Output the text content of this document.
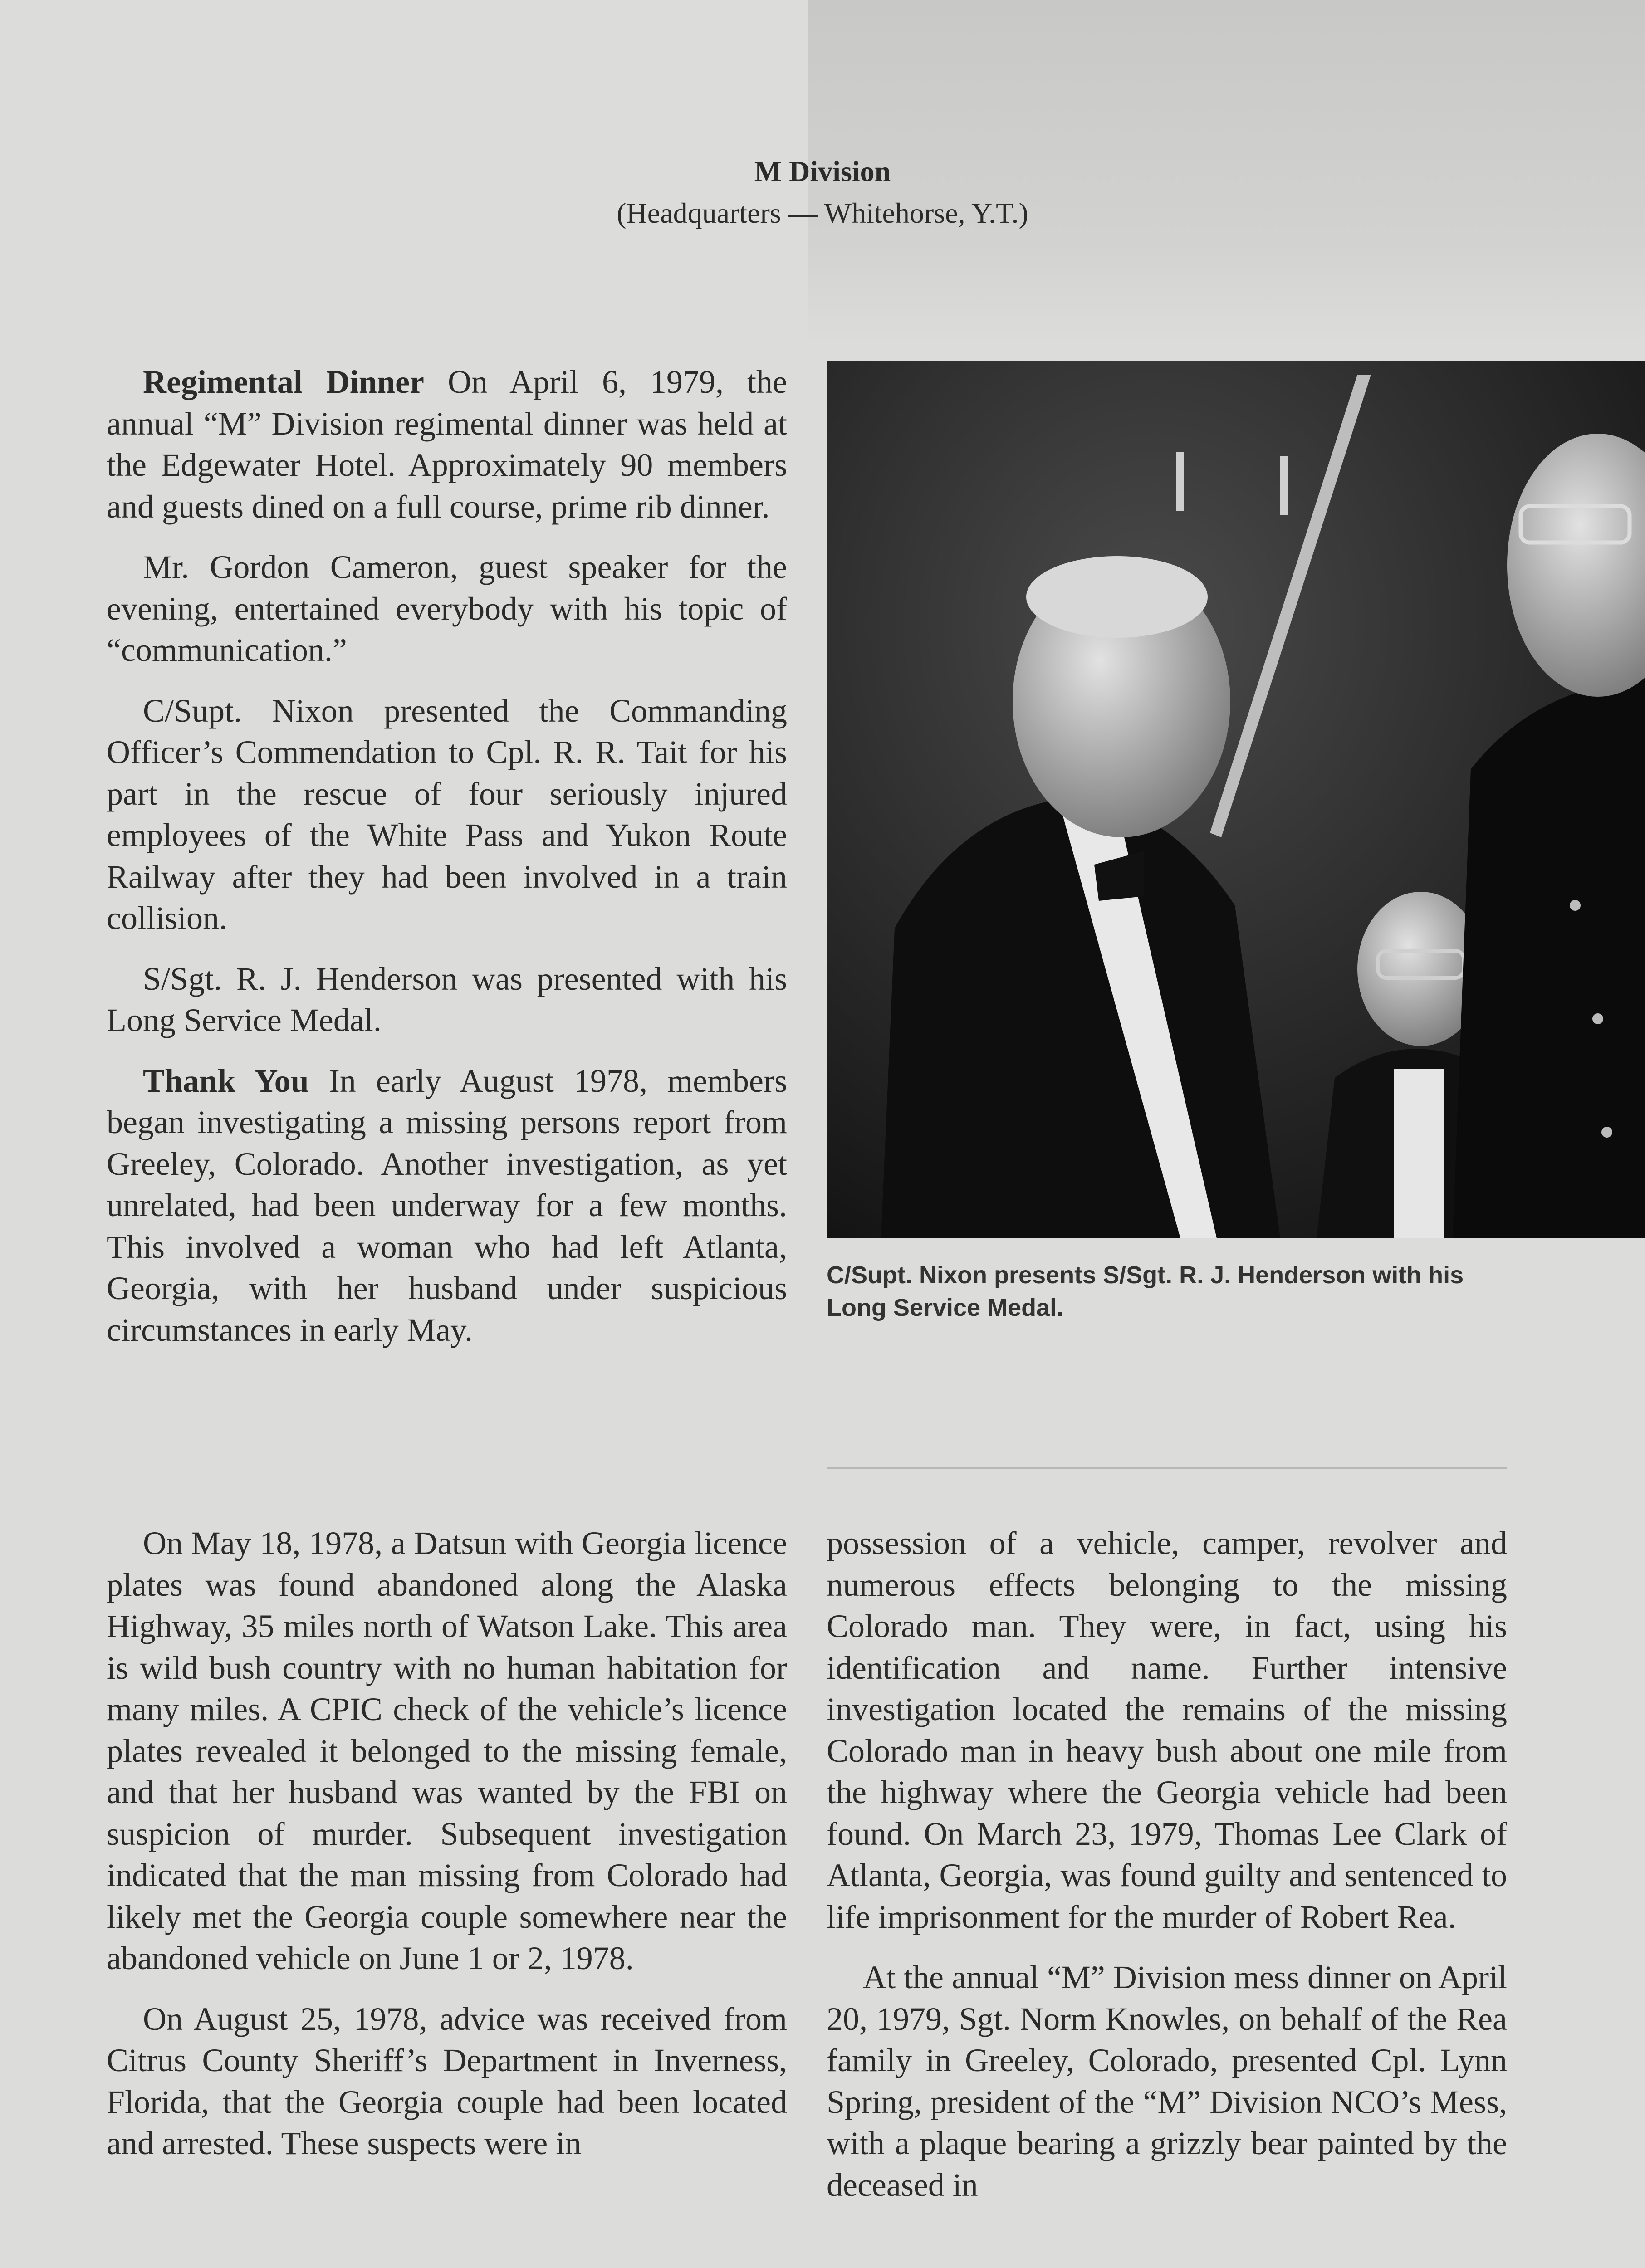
M Division
(Headquarters — Whitehorse, Y.T.)

Regimental Dinner On April 6, 1979, the annual “M” Division regimental dinner was held at the Edgewater Hotel. Approximately 90 members and guests dined on a full course, prime rib dinner.

Mr. Gordon Cameron, guest speaker for the evening, entertained everybody with his topic of “communication.”

C/Supt. Nixon presented the Commanding Officer’s Commendation to Cpl. R. R. Tait for his part in the rescue of four seriously injured employees of the White Pass and Yukon Route Railway after they had been involved in a train collision.

S/Sgt. R. J. Henderson was presented with his Long Service Medal.

Thank You In early August 1978, members began investigating a missing persons report from Greeley, Colorado. Another investigation, as yet unrelated, had been underway for a few months. This involved a woman who had left Atlanta, Georgia, with her husband under suspicious circumstances in early May.

On May 18, 1978, a Datsun with Georgia licence plates was found abandoned along the Alaska Highway, 35 miles north of Watson Lake. This area is wild bush country with no human habitation for many miles. A CPIC check of the vehicle’s licence plates revealed it belonged to the missing female, and that her husband was wanted by the FBI on suspicion of murder. Subsequent investigation indicated that the man missing from Colorado had likely met the Georgia couple somewhere near the abandoned vehicle on June 1 or 2, 1978.

On August 25, 1978, advice was received from Citrus County Sheriff’s Department in Inverness, Florida, that the Georgia couple had been located and arrested. These suspects were in

possession of a vehicle, camper, revolver and numerous effects belonging to the missing Colorado man. They were, in fact, using his identification and name. Further intensive investigation located the remains of the missing Colorado man in heavy bush about one mile from the highway where the Georgia vehicle had been found. On March 23, 1979, Thomas Lee Clark of Atlanta, Georgia, was found guilty and sentenced to life imprisonment for the murder of Robert Rea.

At the annual “M” Division mess dinner on April 20, 1979, Sgt. Norm Knowles, on behalf of the Rea family in Greeley, Colorado, presented Cpl. Lynn Spring, president of the “M” Division NCO’s Mess, with a plaque bearing a grizzly bear painted by the deceased in

C/Supt. Nixon presents S/Sgt. R. J. Henderson with his Long Service Medal.
